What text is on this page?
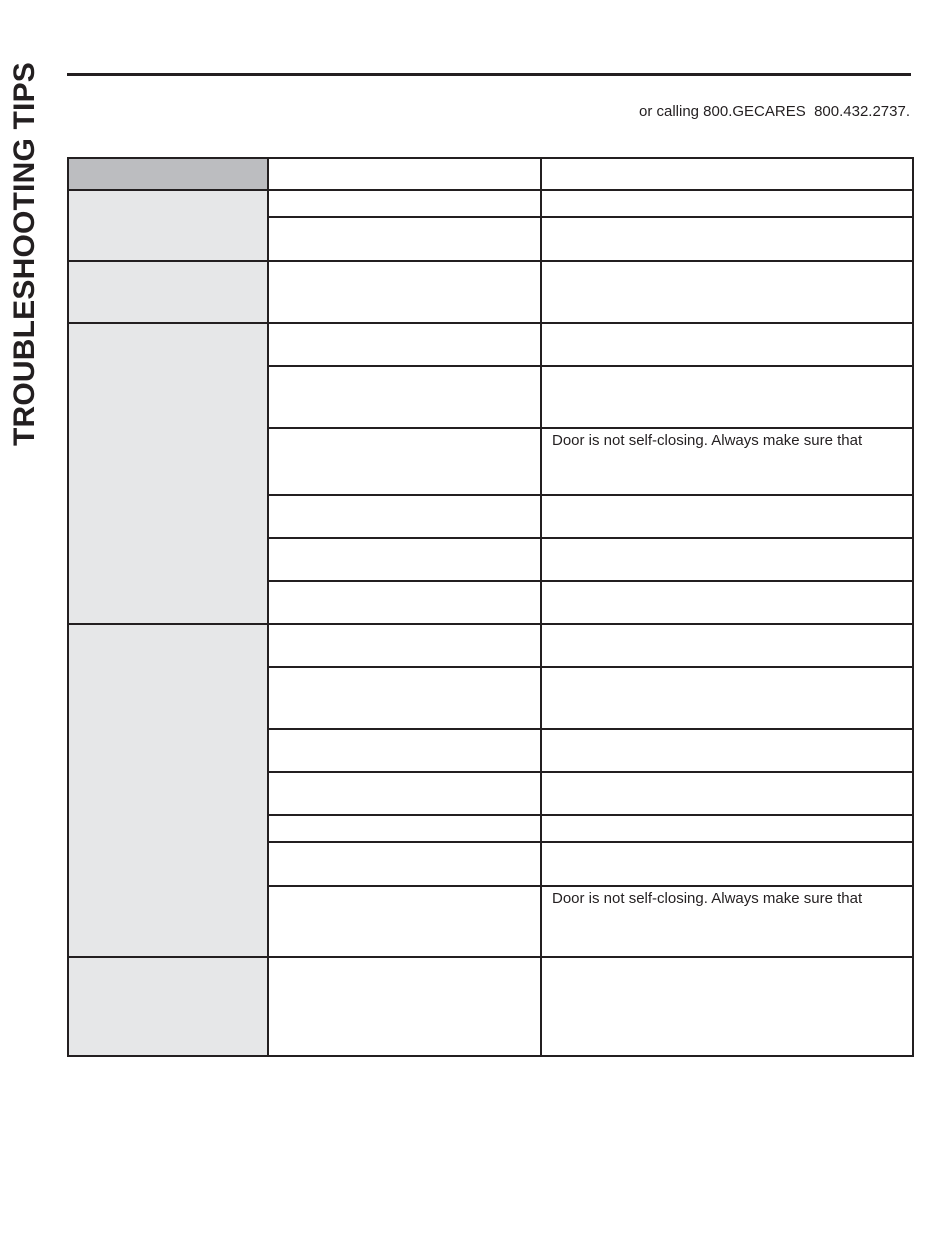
TROUBLESHOOTING TIPS	or calling 800.GECARES  800.432.2737.

		Door is not self-closing. Always make sure that

		Door is not self-closing. Always make sure that
